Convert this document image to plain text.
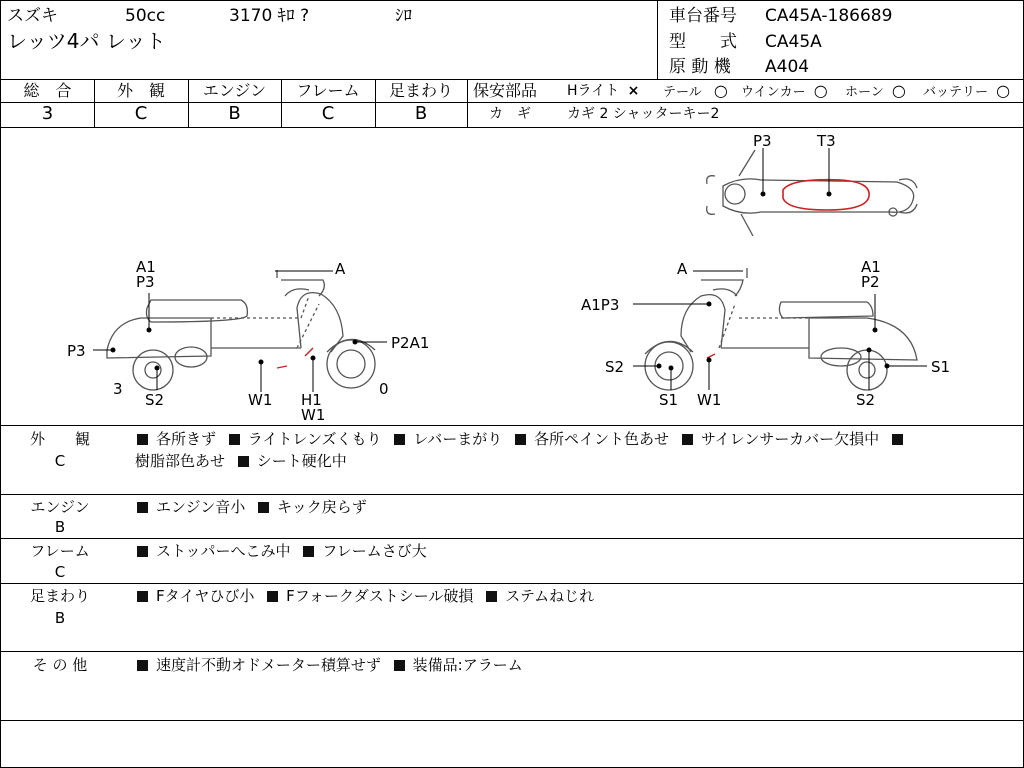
スズキ	50cc	3170 ｷﾛ ?	ｼﾛ
レッツ4パ レット
車台番号 CA45A-186689
型　　式 CA45A
原 動 機 A404
総　合
3
外　観
C
エンジン
B
フレーム
C
足まわり
B
保安部品 Hライト × テール ○ ウインカー ○ ホーン ○ バッテリー ○
カ　ギ	カギ 2 シャッターキー2
A1
P3
A
P3	P2A1
3
S2	W1 H1
W1
0
A	A1
P2
A1P3
S2	S1
W1
S1	S2
P3	T3
外　　観
C
各所きず ライトレンズくもり レバーまがり 各所ペイント色あせ サイレンサーカバー欠損中
樹脂部色あせ シート硬化中
エンジン
B
エンジン音小 キック戻らず
フレーム
C
ストッパーへこみ中 フレームさび大
足まわり
B
Fタイヤひび小 Fフォークダストシール破損 ステムねじれ
そ の 他	速度計不動オドメーター積算せず 装備品:アラーム
